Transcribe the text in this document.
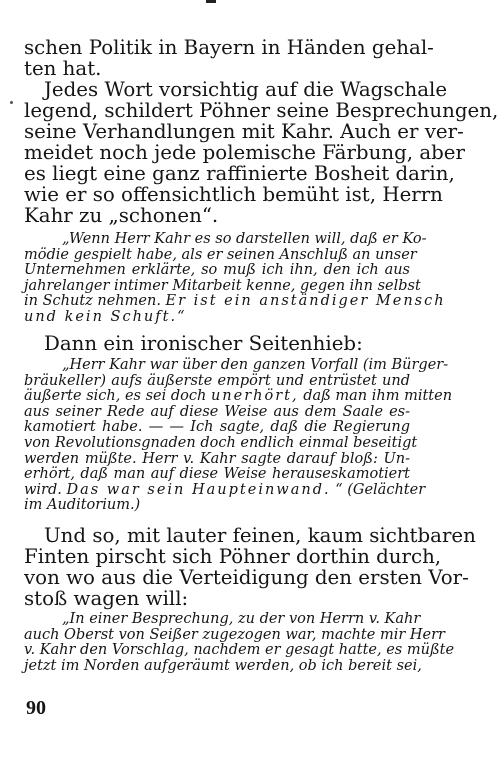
schen Politik in Bayern in Händen gehal-
ten hat.
Jedes Wort vorsichtig auf die Wagschale
legend, schildert Pöhner seine Besprechungen,
seine Verhandlungen mit Kahr. Auch er ver-
meidet noch jede polemische Färbung, aber
es liegt eine ganz raffinierte Bosheit darin,
wie er so offensichtlich bemüht ist, Herrn
Kahr zu „schonen“.
„Wenn Herr Kahr es so darstellen will, daß er Ko-
mödie gespielt habe, als er seinen Anschluß an unser
Unternehmen erklärte, so muß ich ihn, den ich aus
jahrelanger intimer Mitarbeit kenne, gegen ihn selbst
in Schutz nehmen. Er ist ein anständiger Mensch
und kein Schuft.“
Dann ein ironischer Seitenhieb:
„Herr Kahr war über den ganzen Vorfall (im Bürger-
bräukeller) aufs äußerste empört und entrüstet und
äußerte sich, es sei doch unerhört, daß man ihm mitten
aus seiner Rede auf diese Weise aus dem Saale es-
kamotiert habe. — — Ich sagte, daß die Regierung
von Revolutionsgnaden doch endlich einmal beseitigt
werden müßte. Herr v. Kahr sagte darauf bloß: Un-
erhört, daß man auf diese Weise herauseskamotiert
wird. Das war sein Haupteinwand. “ (Gelächter
im Auditorium.)
Und so, mit lauter feinen, kaum sichtbaren
Finten pirscht sich Pöhner dorthin durch,
von wo aus die Verteidigung den ersten Vor-
stoß wagen will:
„In einer Besprechung, zu der von Herrn v. Kahr
auch Oberst von Seißer zugezogen war, machte mir Herr
v. Kahr den Vorschlag, nachdem er gesagt hatte, es müßte
jetzt im Norden aufgeräumt werden, ob ich bereit sei,
90
